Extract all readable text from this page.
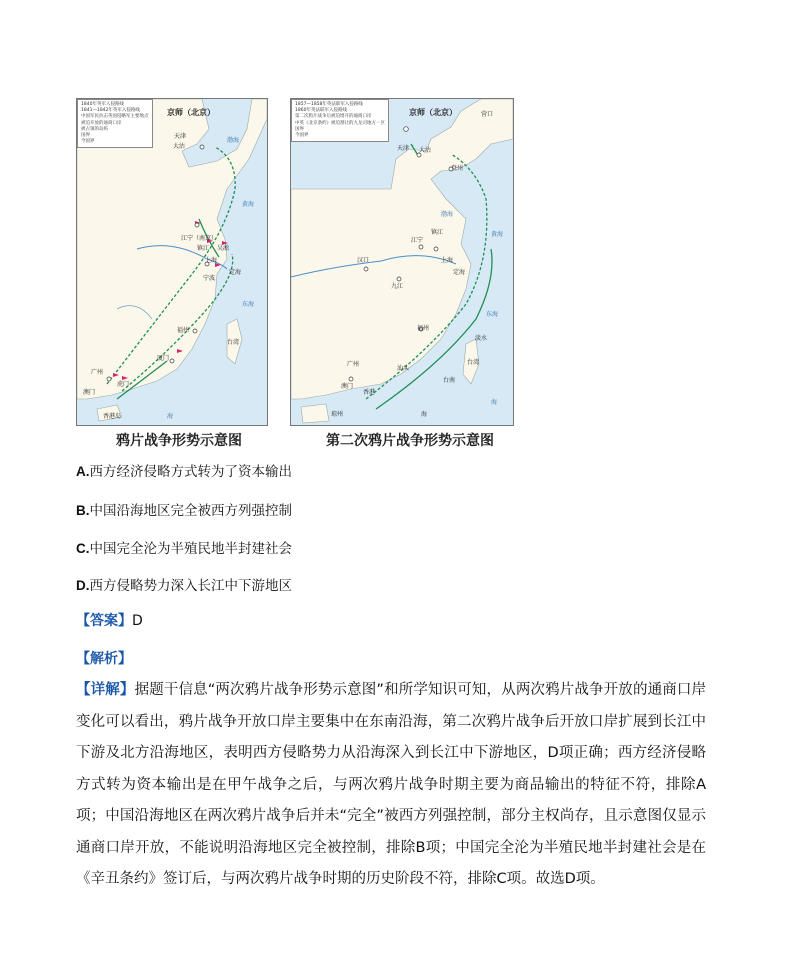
1840年英军入侵路线
1841—1842年英军入侵路线
中国军民抗击英国侵略军主要地点
被迫开放的通商口岸
被占领的岛屿
国界
今国界
京师（北京）
天津
大沽
江宁（南京）
镇江 吴淞
上海
宁波
定海
福州
厦门
台湾
广州
虎门
澳门
香港岛
渤海
黄海
东海
海
1857—1858年英法联军入侵路线
1860年英法联军入侵路线
第二次鸦片战争后被迫增开的通商口岸
中英《北京条约》被迫割让的九龙司地方一区
国界
今国界
京师（北京）	营口
天津 大沽
登州
江宁
镇江
汉口	上海
九江
定海
福州
淡水
台湾
广州
汕头
台南
澳门
香港
琼州	海
渤海
黄海
东海
海
鸦片战争形势示意图	第二次鸦片战争形势示意图
A.西方经济侵略方式转为了资本输出
B.中国沿海地区完全被西方列强控制
C.中国完全沦为半殖民地半封建社会
D.西方侵略势力深入长江中下游地区
【答案】D
【解析】
【详解】据题干信息“两次鸦片战争形势示意图”和所学知识可知，从两次鸦片战争开放的通商口岸变化可以看出，鸦片战争开放口岸主要集中在东南沿海，第二次鸦片战争后开放口岸扩展到长江中下游及北方沿海地区，表明西方侵略势力从沿海深入到长江中下游地区，D项正确；西方经济侵略方式转为资本输出是在甲午战争之后，与两次鸦片战争时期主要为商品输出的特征不符，排除A项；中国沿海地区在两次鸦片战争后并未“完全”被西方列强控制，部分主权尚存，且示意图仅显示通商口岸开放，不能说明沿海地区完全被控制，排除B项；中国完全沦为半殖民地半封建社会是在《辛丑条约》签订后，与两次鸦片战争时期的历史阶段不符，排除C项。故选D项。
